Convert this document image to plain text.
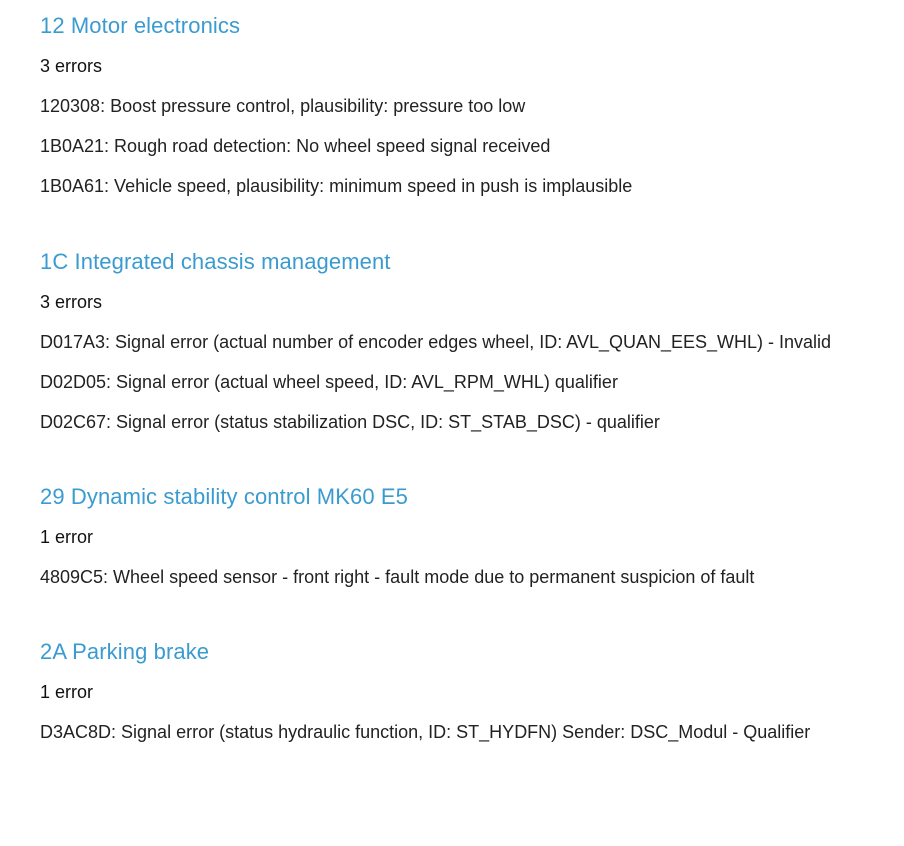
12 Motor electronics
3 errors
120308: Boost pressure control, plausibility: pressure too low
1B0A21: Rough road detection: No wheel speed signal received
1B0A61: Vehicle speed, plausibility: minimum speed in push is implausible
1C Integrated chassis management
3 errors
D017A3: Signal error (actual number of encoder edges wheel, ID: AVL_QUAN_EES_WHL) - Invalid
D02D05: Signal error (actual wheel speed, ID: AVL_RPM_WHL) qualifier
D02C67: Signal error (status stabilization DSC, ID: ST_STAB_DSC) - qualifier
29 Dynamic stability control MK60 E5
1 error
4809C5: Wheel speed sensor - front right - fault mode due to permanent suspicion of fault
2A Parking brake
1 error
D3AC8D: Signal error (status hydraulic function, ID: ST_HYDFN) Sender: DSC_Modul - Qualifier
